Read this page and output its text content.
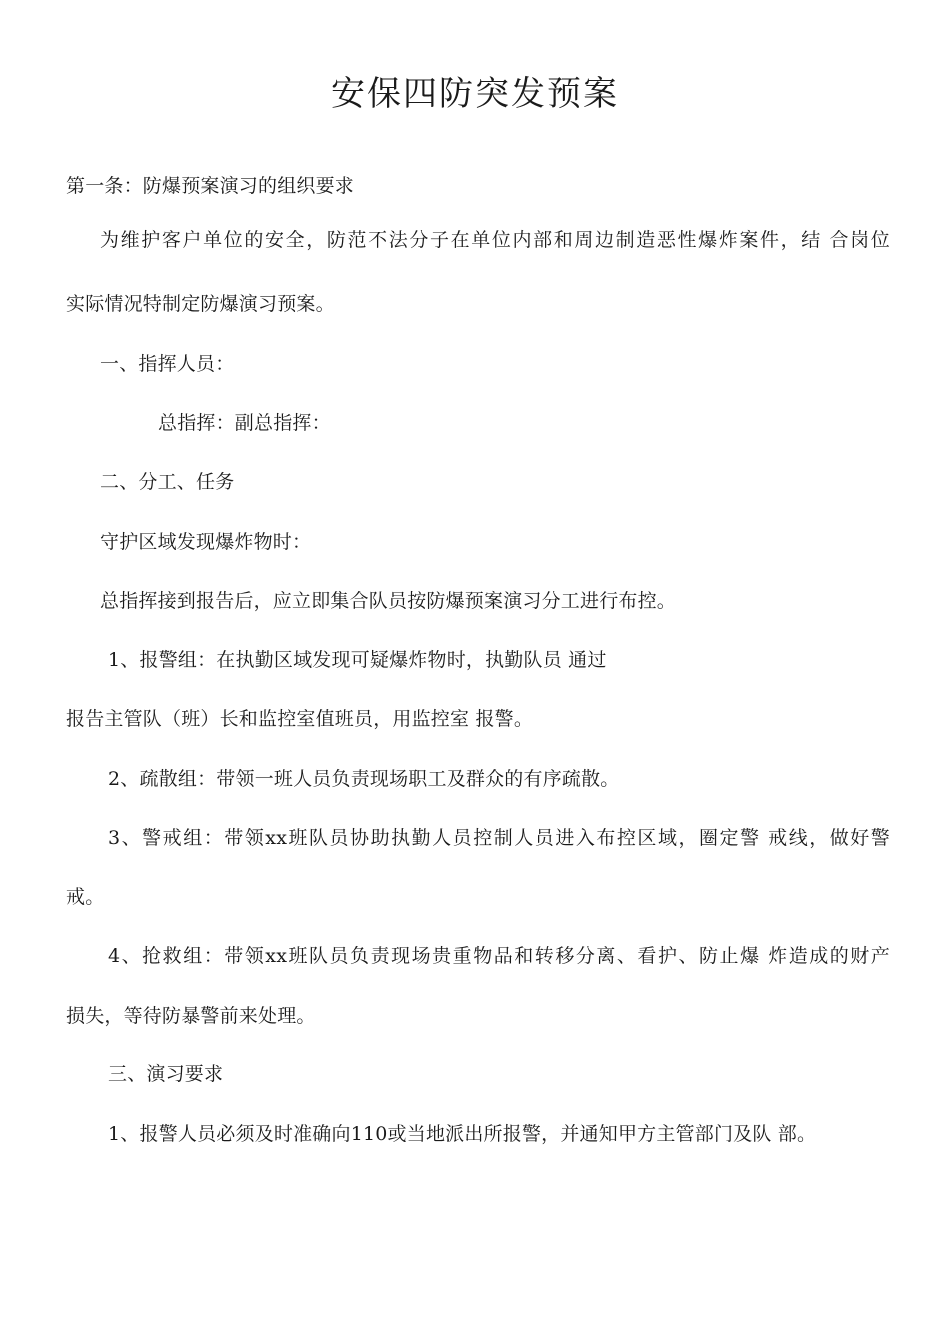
安保四防突发预案
第一条：防爆预案演习的组织要求
为维护客户单位的安全，防范不法分子在单位内部和周边制造恶性爆炸案件，结 合岗位
实际情况特制定防爆演习预案。
一、指挥人员：
总指挥：副总指挥：
二、分工、任务
守护区域发现爆炸物时：
总指挥接到报告后，应立即集合队员按防爆预案演习分工进行布控。
1、报警组：在执勤区域发现可疑爆炸物时，执勤队员 通过
报告主管队（班）长和监控室值班员，用监控室 报警。
2、疏散组：带领一班人员负责现场职工及群众的有序疏散。
3、警戒组：带领xx班队员协助执勤人员控制人员进入布控区域，圈定警 戒线，做好警
戒。
4、抢救组：带领xx班队员负责现场贵重物品和转移分离、看护、防止爆 炸造成的财产
损失，等待防暴警前来处理。
三、演习要求
1、报警人员必须及时准确向110或当地派出所报警，并通知甲方主管部门及队 部。
